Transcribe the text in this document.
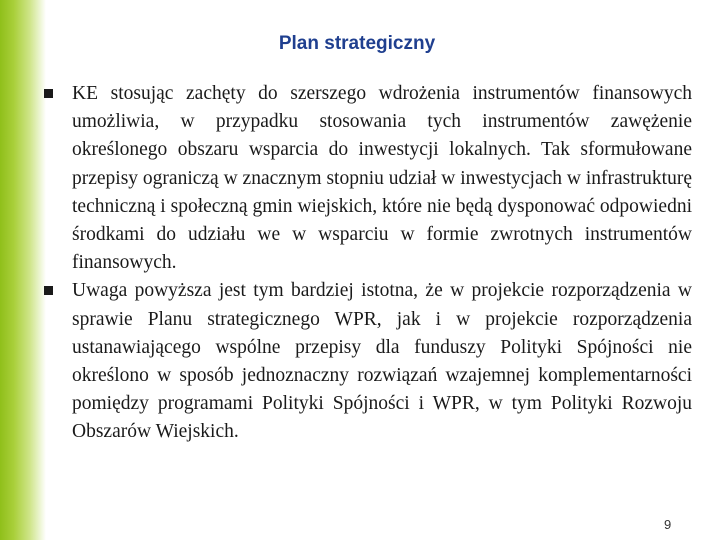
Plan strategiczny

KE stosując zachęty do szerszego wdrożenia instrumentów finansowych umożliwia, w przypadku stosowania tych instrumentów zawężenie określonego obszaru wsparcia do inwestycji lokalnych. Tak sformułowane przepisy ograniczą w znacznym stopniu udział w inwestycjach w infrastrukturę techniczną i społeczną gmin wiejskich, które nie będą dysponować odpowiedni środkami do udziału we w wsparciu w formie zwrotnych instrumentów finansowych.

Uwaga powyższa jest tym bardziej istotna, że w projekcie rozporządzenia w sprawie Planu strategicznego WPR, jak i w projekcie rozporządzenia ustanawiającego wspólne przepisy dla funduszy Polityki Spójności nie określono w sposób jednoznaczny rozwiązań wzajemnej komplementarności pomiędzy programami Polityki Spójności i WPR, w tym Polityki Rozwoju Obszarów Wiejskich.

9
